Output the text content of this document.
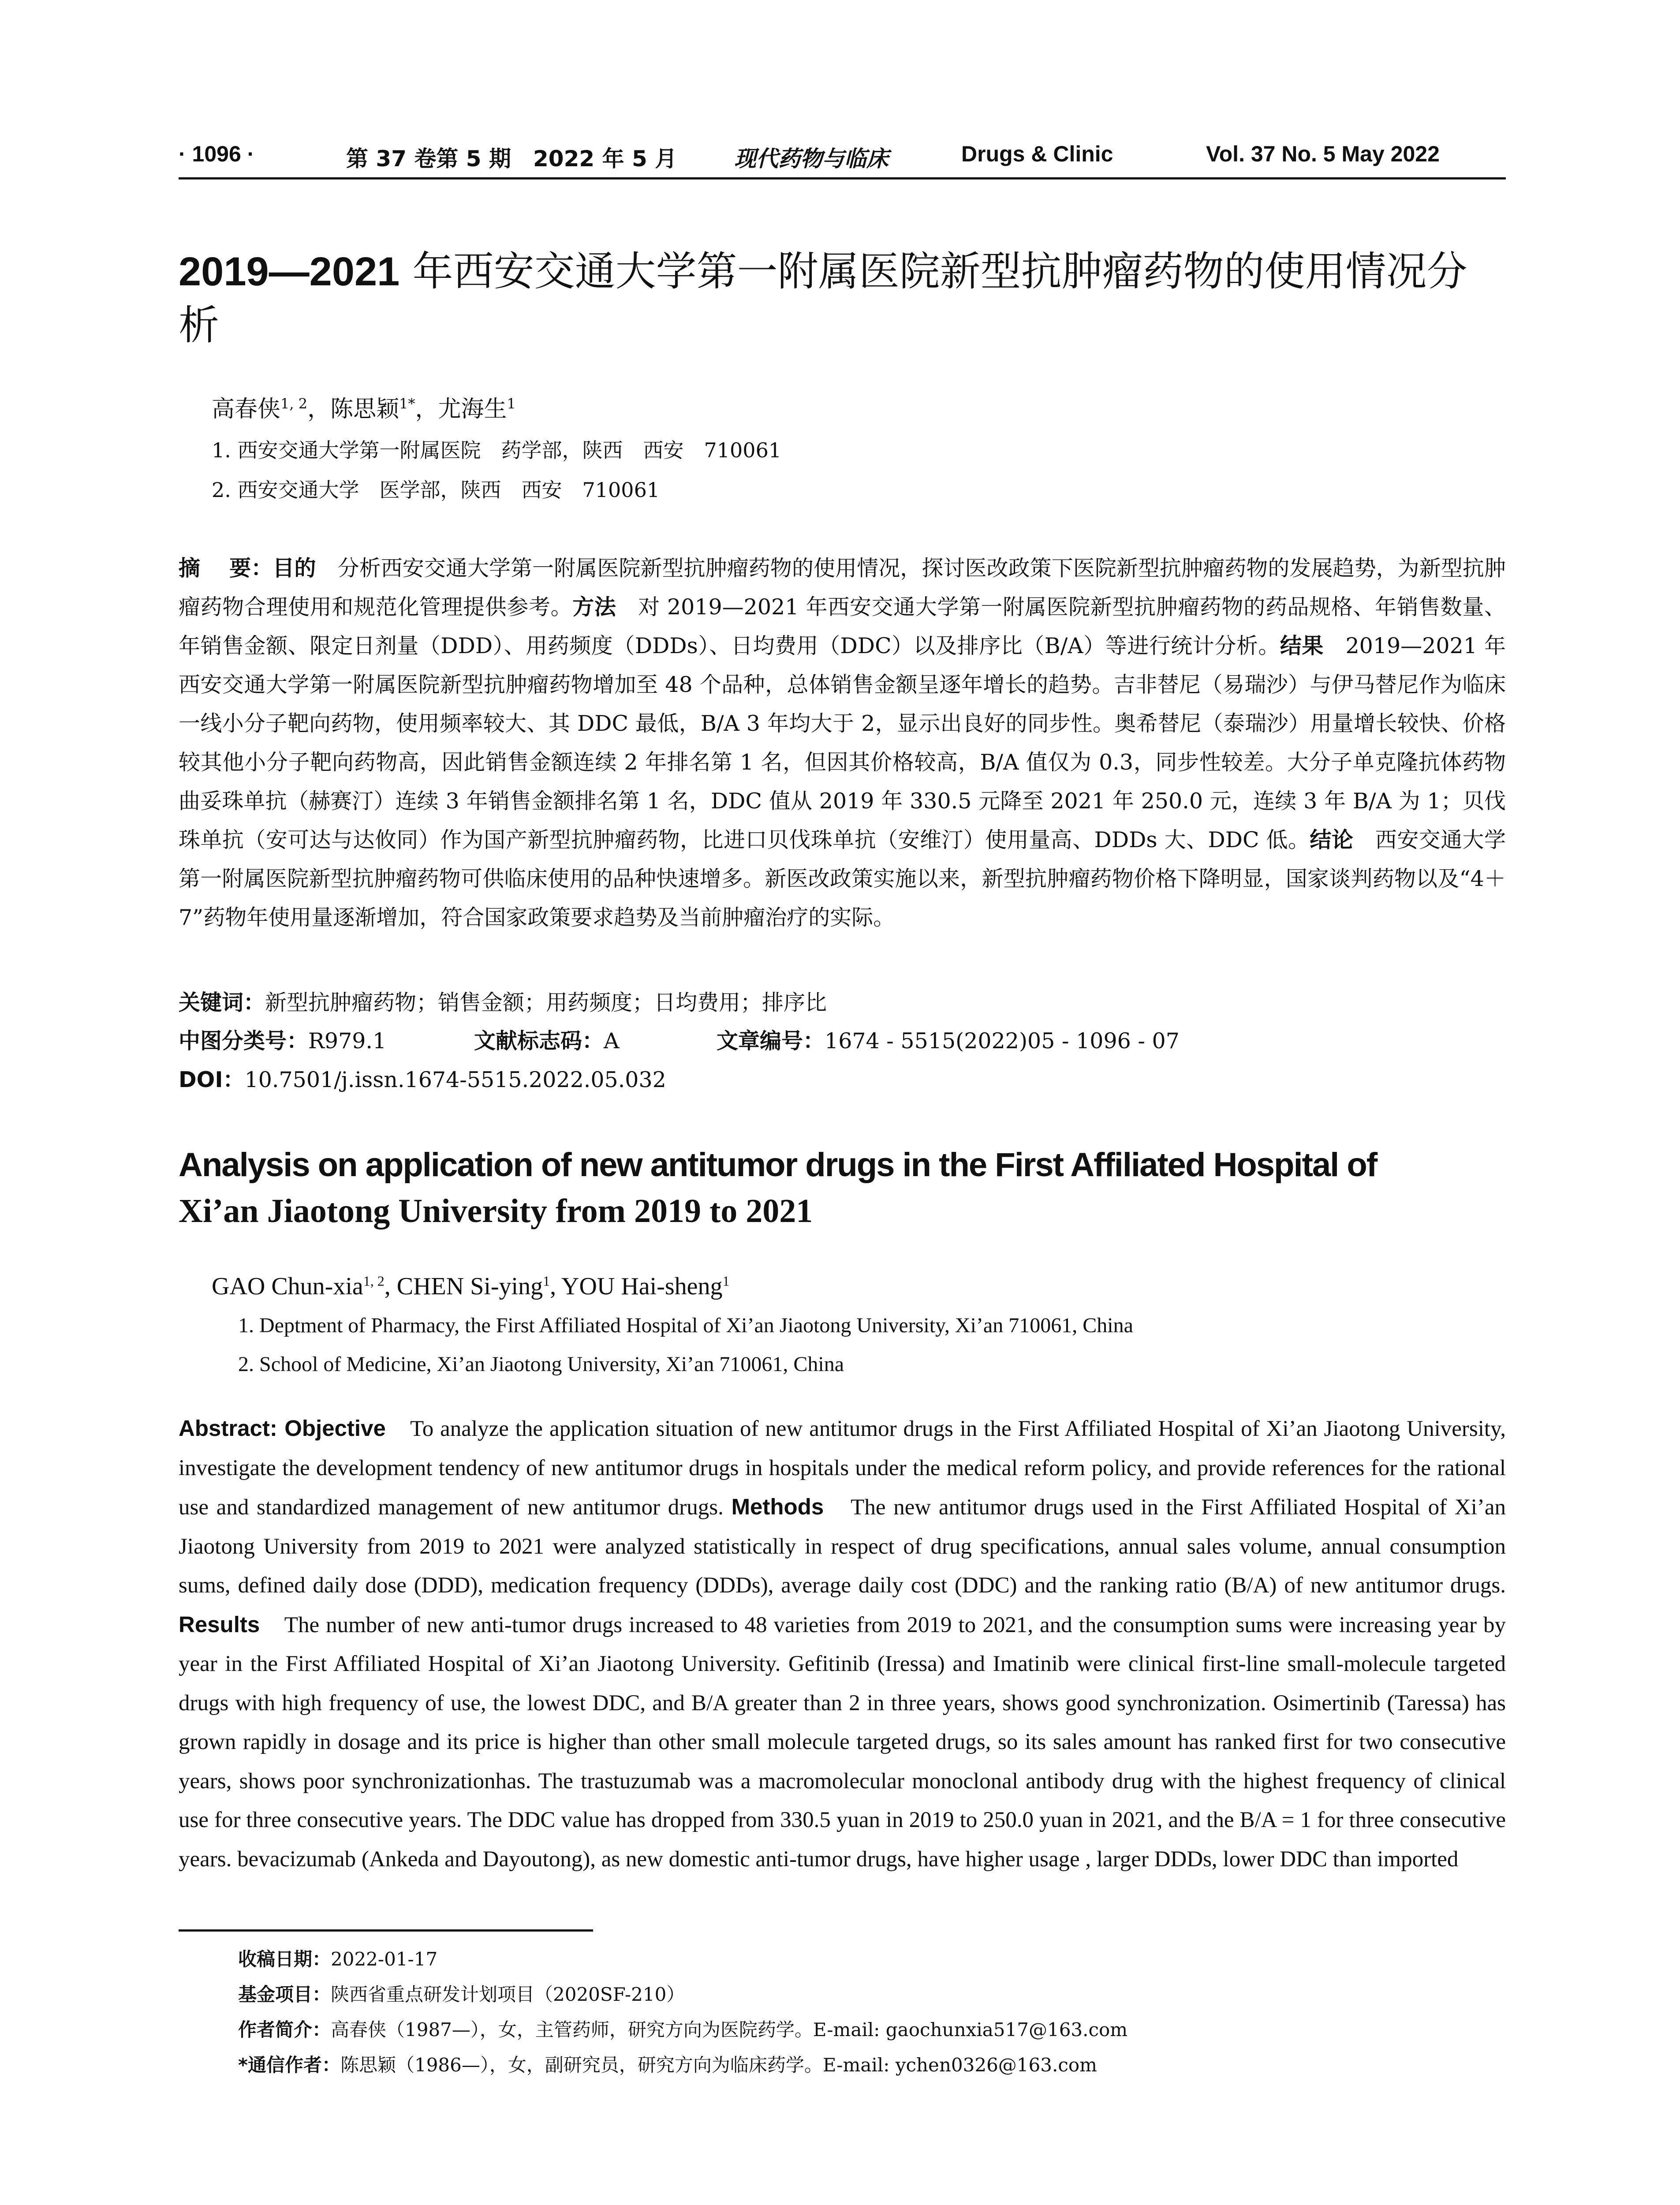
· 1096 ·	第 37 卷第 5 期　2022 年 5 月	现代药物与临床	Drugs & Clinic	Vol. 37 No. 5 May 2022
2019—2021 年西安交通大学第一附属医院新型抗肿瘤药物的使用情况分析
高春侠$^{1, 2}$，陈思颖$^{1*}$，尤海生$^1$
1. 西安交通大学第一附属医院　药学部，陕西　西安　710061
2. 西安交通大学　医学部，陕西　西安　710061
摘　 要：目的　分析西安交通大学第一附属医院新型抗肿瘤药物的使用情况，探讨医改政策下医院新型抗肿瘤药物的发展趋势，为新型抗肿瘤药物合理使用和规范化管理提供参考。方法　对 2019—2021 年西安交通大学第一附属医院新型抗肿瘤药物的药品规格、年销售数量、年销售金额、限定日剂量（DDD）、用药频度（DDDs）、日均费用（DDC）以及排序比（B/A）等进行统计分析。结果　2019—2021 年西安交通大学第一附属医院新型抗肿瘤药物增加至 48 个品种，总体销售金额呈逐年增长的趋势。吉非替尼（易瑞沙）与伊马替尼作为临床一线小分子靶向药物，使用频率较大、其 DDC 最低，B/A 3 年均大于 2，显示出良好的同步性。奥希替尼（泰瑞沙）用量增长较快、价格较其他小分子靶向药物高，因此销售金额连续 2 年排名第 1 名，但因其价格较高，B/A 值仅为 0.3，同步性较差。大分子单克隆抗体药物曲妥珠单抗（赫赛汀）连续 3 年销售金额排名第 1 名，DDC 值从 2019 年 330.5 元降至 2021 年 250.0 元，连续 3 年 B/A 为 1；贝伐珠单抗（安可达与达攸同）作为国产新型抗肿瘤药物，比进口贝伐珠单抗（安维汀）使用量高、DDDs 大、DDC 低。结论　西安交通大学第一附属医院新型抗肿瘤药物可供临床使用的品种快速增多。新医改政策实施以来，新型抗肿瘤药物价格下降明显，国家谈判药物以及“4＋7”药物年使用量逐渐增加，符合国家政策要求趋势及当前肿瘤治疗的实际。
关键词：新型抗肿瘤药物；销售金额；用药频度；日均费用；排序比
中图分类号：R979.1	文献标志码：A	文章编号：1674 - 5515(2022)05 - 1096 - 07
DOI：10.7501/j.issn.1674-5515.2022.05.032
Analysis on application of new antitumor drugs in the First Affiliated Hospital of
Xi’an Jiaotong University from 2019 to 2021
GAO Chun-xia$^{1, 2}$, CHEN Si-ying$^1$, YOU Hai-sheng$^1$
1. Deptment of Pharmacy, the First Affiliated Hospital of Xi’an Jiaotong University, Xi’an 710061, China
2. School of Medicine, Xi’an Jiaotong University, Xi’an 710061, China
Abstract: Objective　To analyze the application situation of new antitumor drugs in the First Affiliated Hospital of Xi’an Jiaotong University, investigate the development tendency of new antitumor drugs in hospitals under the medical reform policy, and provide references for the rational use and standardized management of new antitumor drugs. Methods　The new antitumor drugs used in the First Affiliated Hospital of Xi’an Jiaotong University from 2019 to 2021 were analyzed statistically in respect of drug specifications, annual sales volume, annual consumption sums, defined daily dose (DDD), medication frequency (DDDs), average daily cost (DDC) and the ranking ratio (B/A) of new antitumor drugs. Results　The number of new anti-tumor drugs increased to 48 varieties from 2019 to 2021, and the consumption sums were increasing year by year in the First Affiliated Hospital of Xi’an Jiaotong University. Gefitinib (Iressa) and Imatinib were clinical first-line small-molecule targeted drugs with high frequency of use, the lowest DDC, and B/A greater than 2 in three years, shows good synchronization. Osimertinib (Taressa) has grown rapidly in dosage and its price is higher than other small molecule targeted drugs, so its sales amount has ranked first for two consecutive years, shows poor synchronizationhas. The trastuzumab was a macromolecular monoclonal antibody drug with the highest frequency of clinical use for three consecutive years. The DDC value has dropped from 330.5 yuan in 2019 to 250.0 yuan in 2021, and the B/A = 1 for three consecutive years. bevacizumab (Ankeda and Dayoutong), as new domestic anti-tumor drugs, have higher usage , larger DDDs, lower DDC than imported
收稿日期：2022-01-17
基金项目：陕西省重点研发计划项目（2020SF-210）
作者简介：高春侠（1987—），女，主管药师，研究方向为医院药学。E-mail: gaochunxia517@163.com
*通信作者：陈思颖（1986—），女，副研究员，研究方向为临床药学。E-mail: ychen0326@163.com
